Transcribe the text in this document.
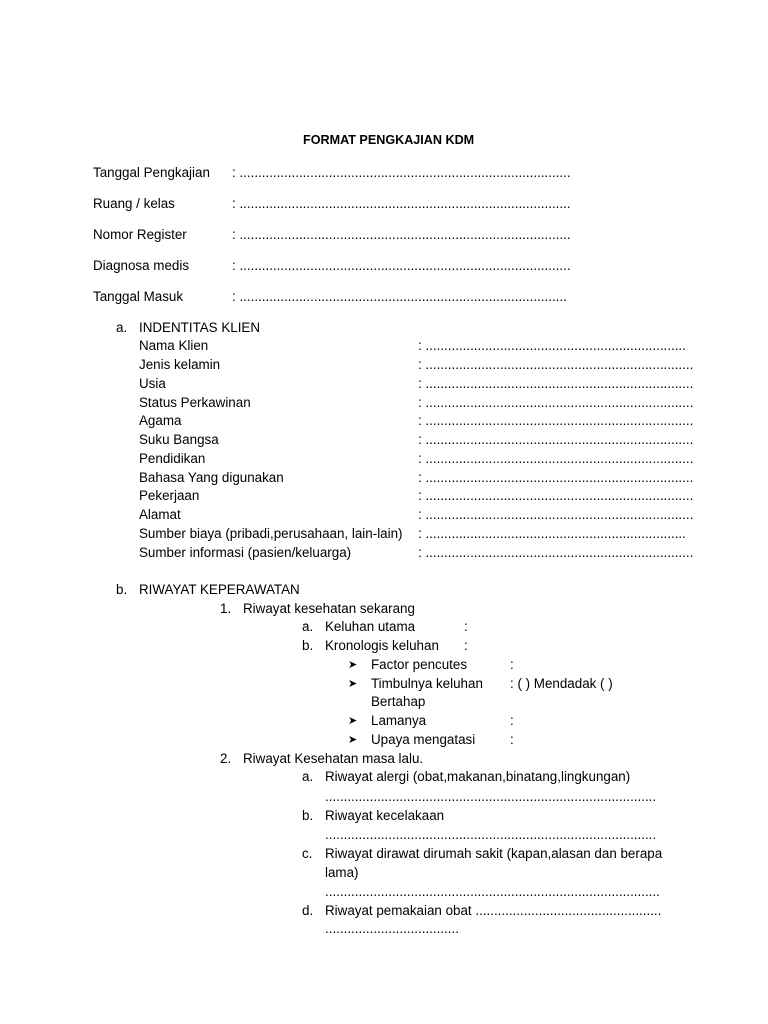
FORMAT PENGKAJIAN KDM
Tanggal Pengkajian : .........................................................................................
Ruang / kelas	: .........................................................................................
Nomor Register	: .........................................................................................
Diagnosa medis	: .........................................................................................
Tanggal Masuk	: ........................................................................................
a. INDENTITAS KLIEN
Nama Klien	: ......................................................................
Jenis kelamin	: ........................................................................
Usia	: ........................................................................
Status Perkawinan	: ........................................................................
Agama	: ........................................................................
Suku Bangsa	: ........................................................................
Pendidikan	: ........................................................................
Bahasa Yang digunakan	: ........................................................................
Pekerjaan	: ........................................................................
Alamat	: ........................................................................
Sumber biaya (pribadi,perusahaan, lain-lain) : ......................................................................
Sumber informasi (pasien/keluarga)	: ........................................................................
b. RIWAYAT KEPERAWATAN
1. Riwayat kesehatan sekarang
a. Keluhan utama	:
b. Kronologis keluhan :
➤ Factor pencutes	:
➤ Timbulnya keluhan : ( ) Mendadak ( )
Bertahap
➤ Lamanya	:
➤ Upaya mengatasi	:
2. Riwayat Kesehatan masa lalu.
a. Riwayat alergi (obat,makanan,binatang,lingkungan)
.........................................................................................
b. Riwayat kecelakaan
.........................................................................................
c. Riwayat dirawat dirumah sakit (kapan,alasan dan berapa
lama)
..........................................................................................
d. Riwayat pemakaian obat ..................................................
....................................
